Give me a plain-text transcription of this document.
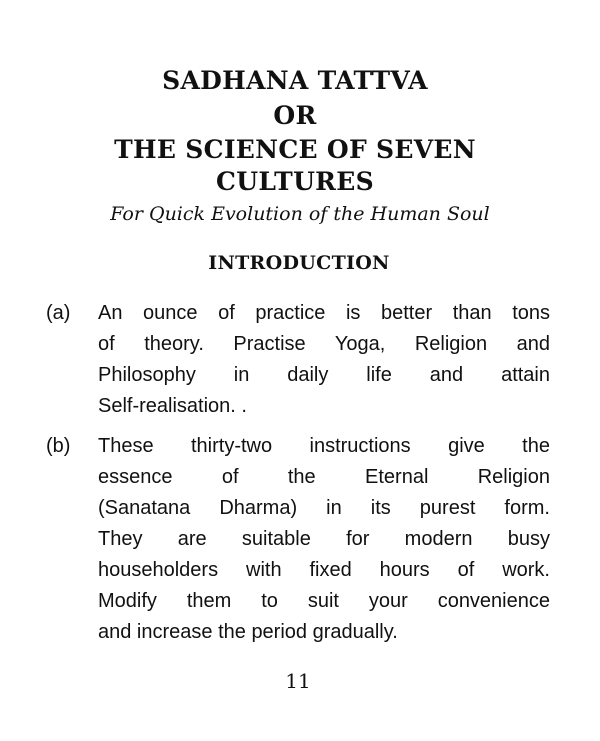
SADHANA TATTVA
OR
THE SCIENCE OF SEVEN
CULTURES
For Quick Evolution of the Human Soul
INTRODUCTION
(a) An ounce of practice is better than tons
of theory. Practise Yoga, Religion and
Philosophy in daily life and attain
Self-realisation. .
(b) These thirty-two instructions give the
essence of the Eternal Religion
(Sanatana Dharma) in its purest form.
They are suitable for modern busy
householders with fixed hours of work.
Modify them to suit your convenience
and increase the period gradually.
11
